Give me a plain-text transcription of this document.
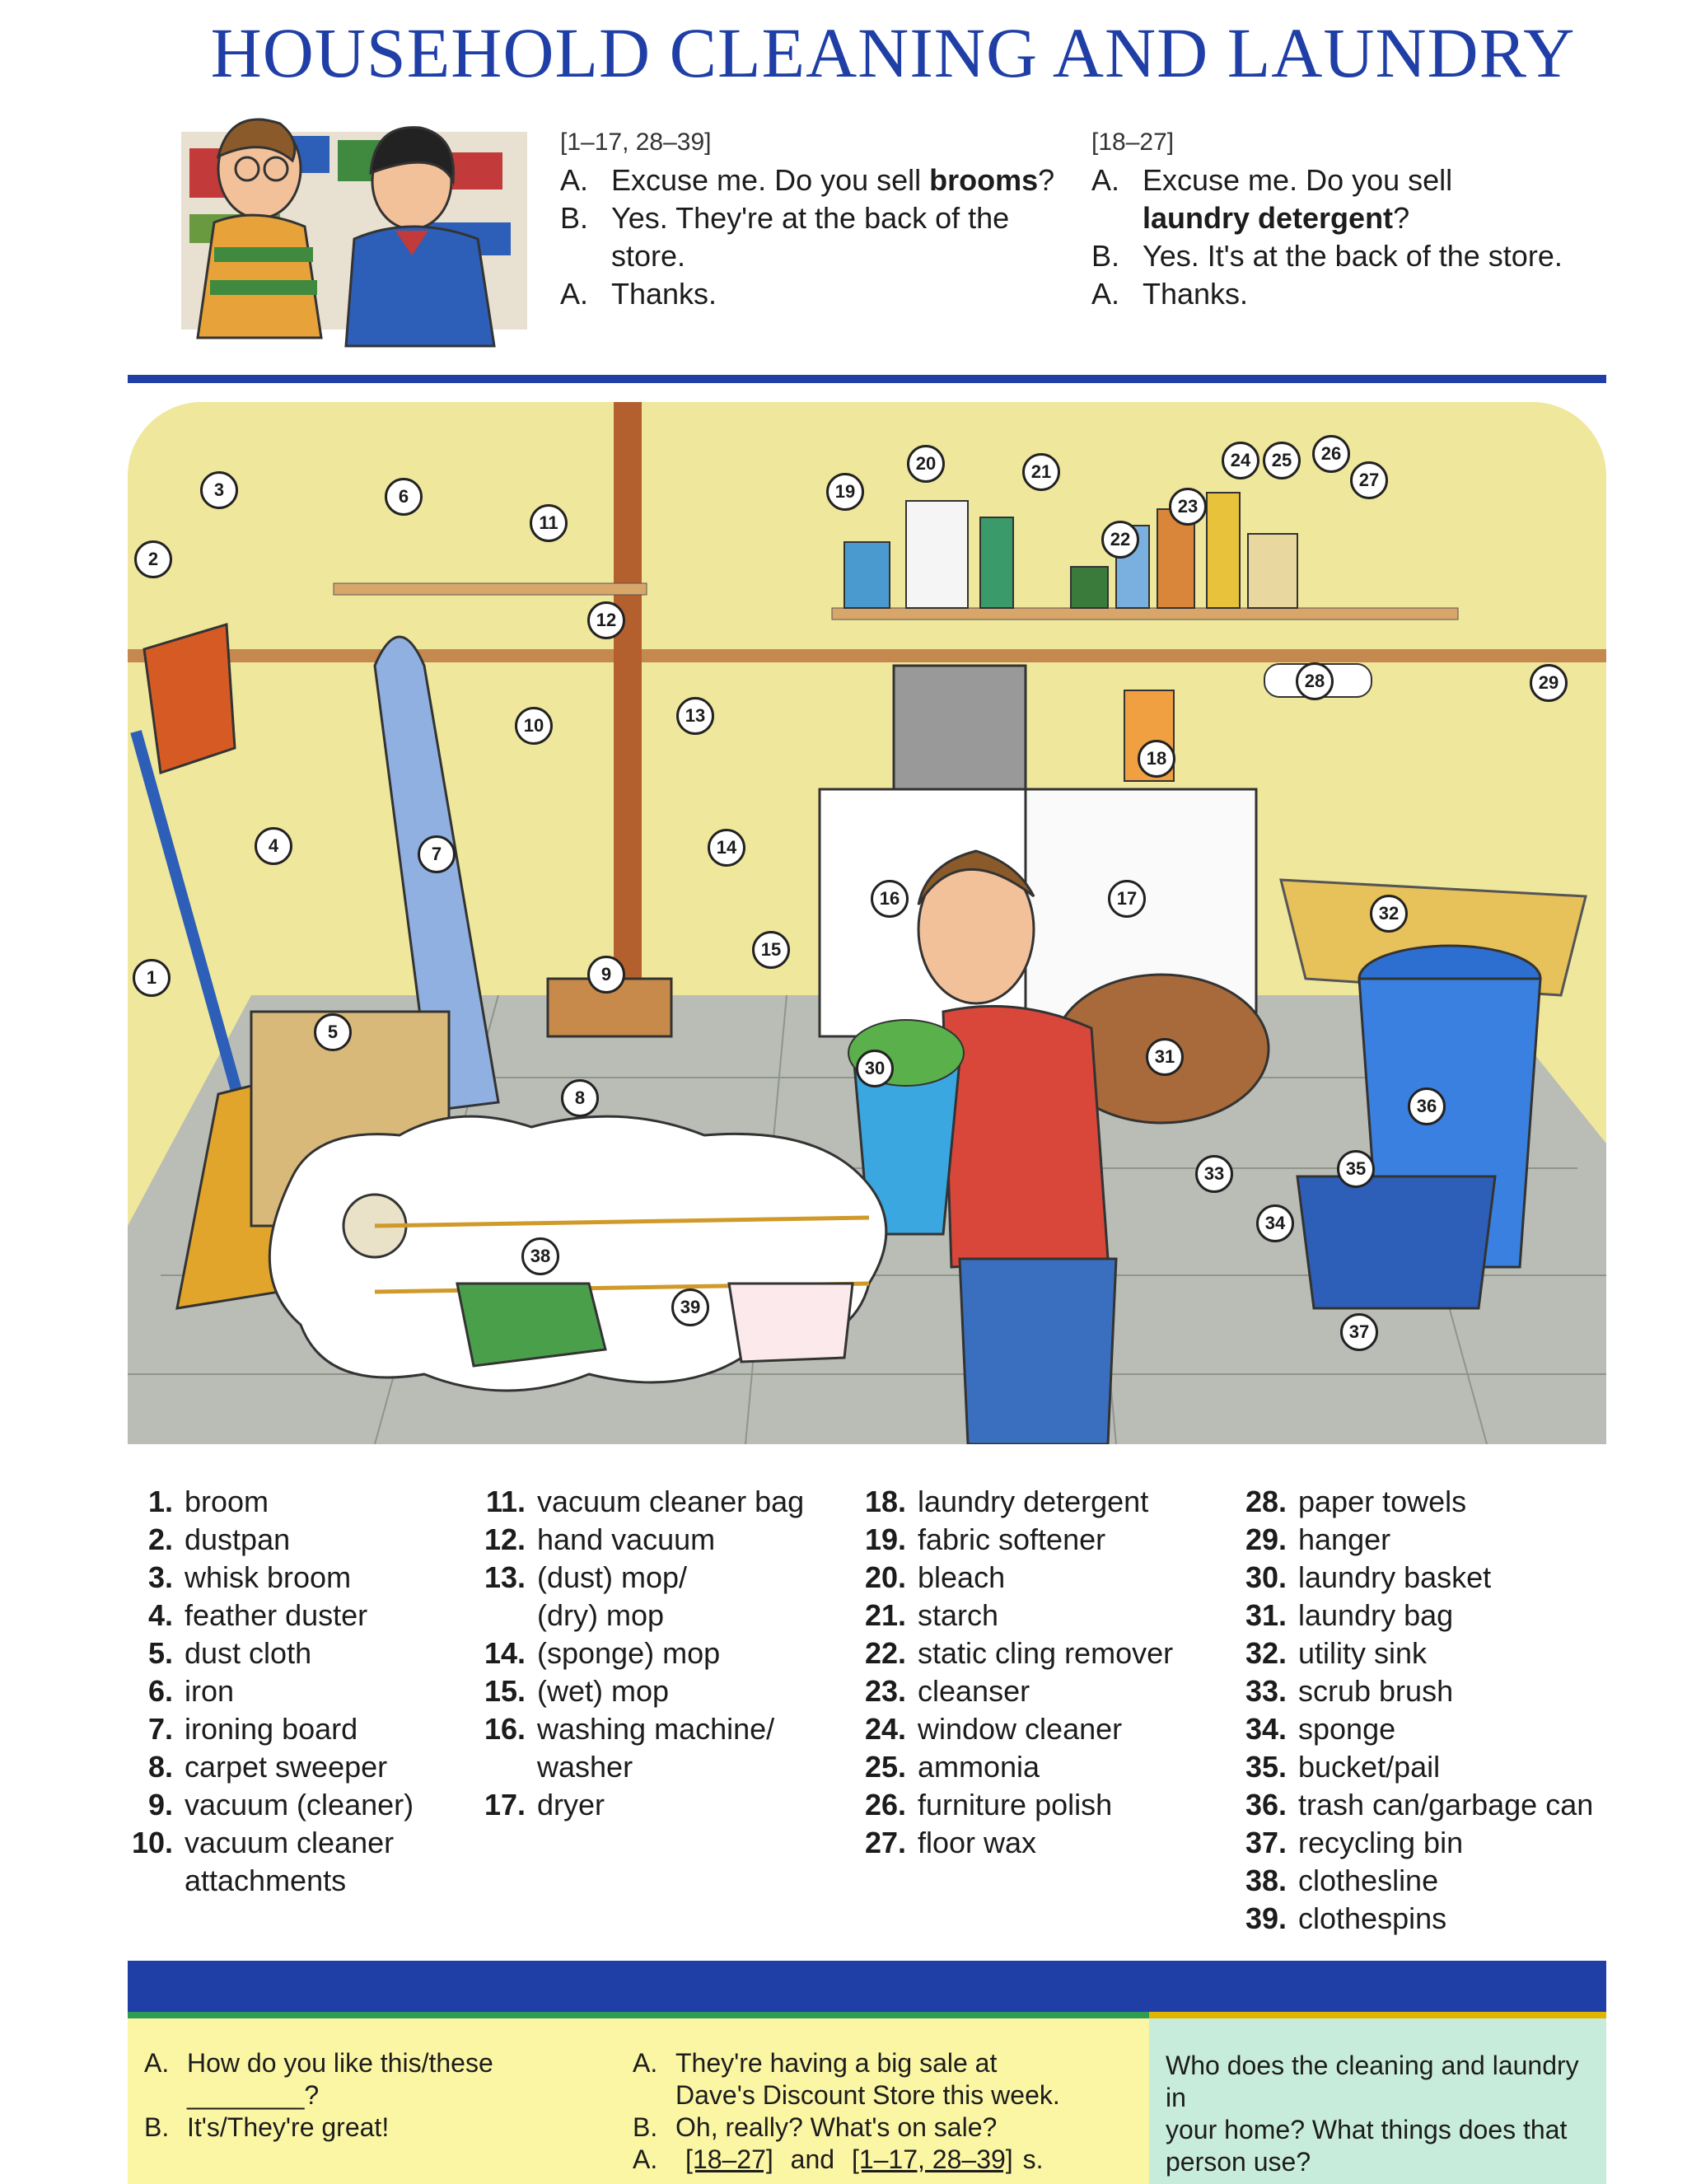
HOUSEHOLD CLEANING AND LAUNDRY
[1–17, 28–39]
A. Excuse me. Do you sell brooms?
B. Yes. They're at the back of the
store.
A. Thanks.
[18–27]
A. Excuse me. Do you sell
laundry detergent?
B. Yes. It's at the back of the store.
A. Thanks.
1
2
3
4
5
6
7
8
9
10
11
12
13
14
15
16	17
18
19
20	21
22
23
24	25	26
27
28	29
30
31
32
33
34
35
36
37
38
39
1. broom
2. dustpan
3. whisk broom
4. feather duster
5. dust cloth
6. iron
7. ironing board
8. carpet sweeper
9. vacuum (cleaner)
10. vacuum cleaner
attachments
11. vacuum cleaner bag
12. hand vacuum
13. (dust) mop/
(dry) mop
14. (sponge) mop
15. (wet) mop
16. washing machine/
washer
17. dryer
18. laundry detergent
19. fabric softener
20. bleach
21. starch
22. static cling remover
23. cleanser
24. window cleaner
25. ammonia
26. furniture polish
27. floor wax
28. paper towels
29. hanger
30. laundry basket
31. laundry bag
32. utility sink
33. scrub brush
34. sponge
35. bucket/pail
36. trash can/garbage can
37. recycling bin
38. clothesline
39. clothespins
A. How do you like this/these
________?
B. It's/They're great!
A. They're having a big sale at
Dave's Discount Store this week.
B. Oh, really? What's on sale?
A.	[18–27] and [1–17, 28–39] s.
Who does the cleaning and laundry in
your home? What things does that
person use?
